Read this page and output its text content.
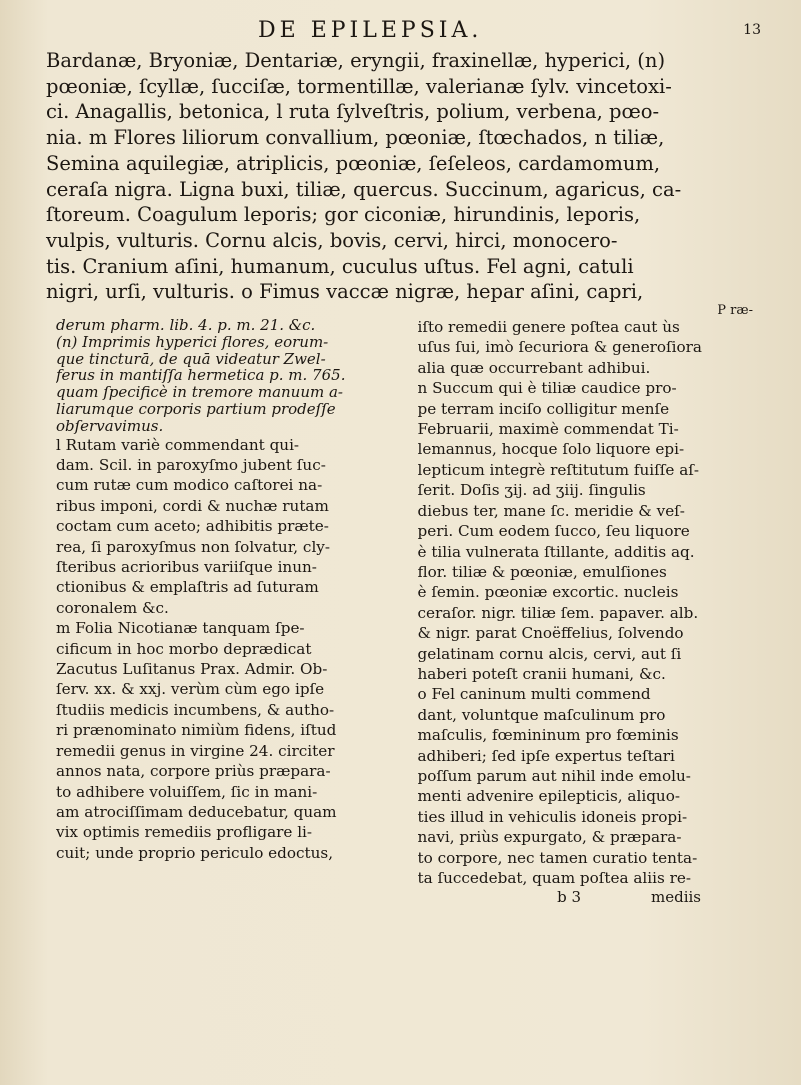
DE EPILEPSIA.	13
Bardanæ, Bryoniæ, Dentariæ, eryngii, fraxinellæ, hyperici, (n)
pœoniæ, ſcyllæ, ſucciſæ, tormentillæ, valerianæ ſylv. vincetoxi-
ci. Anagallis, betonica, l ruta ſylveſtris, polium, verbena, pœo-
nia. m Flores liliorum convallium, pœoniæ, ſtœchados, n tiliæ,
Semina aquilegiæ, atriplicis, pœoniæ, ſeſeleos, cardamomum,
ceraſa nigra. Ligna buxi, tiliæ, quercus. Succinum, agaricus, ca-
ſtoreum. Coagulum leporis; gor ciconiæ, hirundinis, leporis,
vulpis, vulturis. Cornu alcis, bovis, cervi, hirci, monocero-
tis. Cranium aſini, humanum, cuculus uſtus. Fel agni, catuli
nigri, urſi, vulturis. o Fimus vaccæ nigræ, hepar aſini, capri,
P ræ-

derum pharm. lib. 4. p. m. 21. &c.
(n) Imprimis hyperici flores, eorum-
que tincturā, de quā videatur Zwel-
ferus in mantiſſa hermetica p. m. 765.
quam ſpecificè in tremore manuum a-
liarumque corporis partium prodeſſe
obſervavimus.

l Rutam variè commendant qui-
dam. Scil. in paroxyſmo jubent ſuc-
cum rutæ cum modico caſtorei na-
ribus imponi, cordi & nuchæ rutam
coctam cum aceto; adhibitis præte-
rea, ſi paroxyſmus non ſolvatur, cly-
ſteribus acrioribus variiſque inun-
ctionibus & emplaſtris ad ſuturam
coronalem &c.
m Folia Nicotianæ tanquam ſpe-
cificum in hoc morbo deprædicat
Zacutus Luſitanus Prax. Admir. Ob-
ſerv. xx. & xxj. verùm cùm ego ipſe
ſtudiis medicis incumbens, & autho-
ri prænominato nimiùm fidens, iſtud
remedii genus in virgine 24. circiter
annos nata, corpore priùs præpara-
to adhibere voluiſſem, ſic in mani-
am atrociſſimam deducebatur, quam
vix optimis remediis profligare li-
cuit; unde proprio periculo edoctus,

iſto remedii genere poſtea caut ùs
uſus ſui, imò ſecuriora & generoſiora
alia quæ occurrebant adhibui.
n Succum qui è tiliæ caudice pro-
pe terram inciſo colligitur menſe
Februarii, maximè commendat Ti-
lemannus, hocque ſolo liquore epi-
lepticum integrè reſtitutum fuiſſe aſ-
ſerit. Doſis ʒij. ad ʒiij. ſingulis
diebus ter, mane ſc. meridie & veſ-
peri. Cum eodem ſucco, ſeu liquore
è tilia vulnerata ſtillante, additis aq.
flor. tiliæ & pœoniæ, emulſiones
è ſemin. pœoniæ excortic. nucleis
ceraſor. nigr. tiliæ ſem. papaver. alb.
& nigr. parat Cnoëffelius, ſolvendo
gelatinam cornu alcis, cervi, aut ſi
haberi poteſt cranii humani, &c.
o Fel caninum multi commend
dant, voluntque maſculinum pro
maſculis, fœmininum pro fœminis
adhiberi; ſed ipſe expertus teſtari
poſſum parum aut nihil inde emolu-
menti advenire epilepticis, aliquo-
ties illud in vehiculis idoneis propi-
navi, priùs expurgato, & præpara-
to corpore, nec tamen curatio tenta-
ta ſuccedebat, quam poſtea aliis re-

b 3	mediis
